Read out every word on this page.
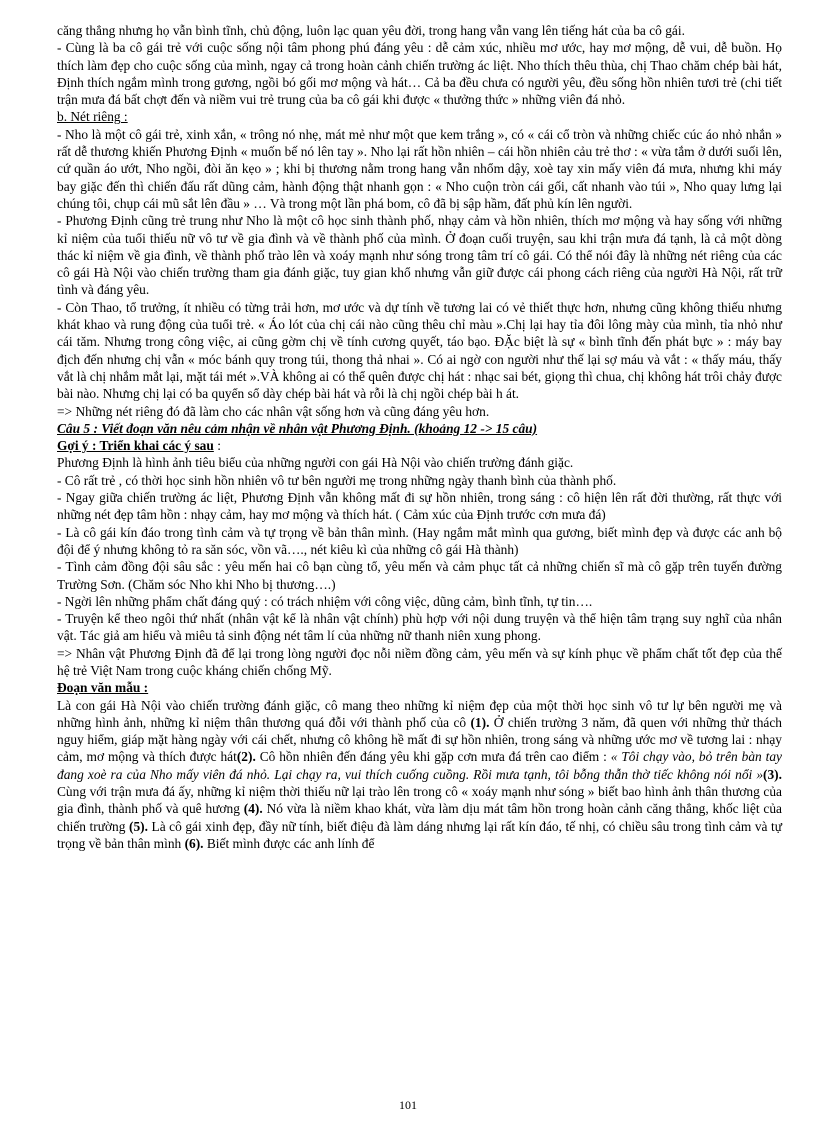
căng thẳng nhưng họ vẫn bình tĩnh, chủ động, luôn lạc quan yêu đời, trong hang vẫn vang lên tiếng hát của ba cô gái.

- Cùng là ba cô gái trẻ với cuộc sống nội tâm phong phú đáng yêu : dễ cảm xúc, nhiều mơ ước, hay mơ mộng, dễ vui, dễ buồn. Họ thích làm đẹp cho cuộc sống của mình, ngay cả trong hoàn cảnh chiến trường ác liệt. Nho thích thêu thùa, chị Thao chăm chép bài hát, Định thích ngắm mình trong gương, ngồi bó gối mơ mộng và hát… Cả ba đều chưa có người yêu, đều sống hồn nhiên tươi trẻ (chi tiết trận mưa đá bất chợt đến và niềm vui trẻ trung của ba cô gái khi được « thưởng thức » những viên đá nhỏ.

b. Nét riêng :

- Nho là một cô gái trẻ, xinh xắn, « trông nó nhẹ, mát mẻ như một que kem trắng », có « cái cổ tròn và những chiếc cúc áo nhỏ nhắn » rất dễ thương khiến Phương Định « muốn bế nó lên tay ». Nho lại rất hồn nhiên – cái hồn nhiên cảu trẻ thơ : « vừa tắm ở dưới suối lên, cứ quần áo ướt, Nho ngồi, đòi ăn kẹo » ; khi bị thương nằm trong hang vẫn nhổm dậy, xoè tay xin mấy viên đá mưa, nhưng khi máy bay giặc đến thì chiến đấu rất dũng cảm, hành động thật nhanh gọn : « Nho cuộn tròn cái gối, cất nhanh vào túi », Nho quay lưng lại chúng tôi, chụp cái mũ sắt lên đầu » … Và trong một lần phá bom, cô đã bị sập hầm, đất phủ kín lên người.

- Phương Định cũng trẻ trung như Nho là một cô học sinh thành phố, nhạy cảm và hồn nhiên, thích mơ mộng và hay sống với những kỉ niệm của tuổi thiếu nữ vô tư về gia đình và về thành phố của mình. Ở đoạn cuối truyện, sau khi trận mưa đá tạnh, là cả một dòng thác kỉ niệm về gia đình, về thành phố trào lên và xoáy mạnh như sóng trong tâm trí cô gái. Có thể nói đây là những nét riêng của các cô gái Hà Nội vào chiến trường tham gia đánh giặc, tuy gian khổ nhưng vẫn giữ được cái phong cách riêng của người Hà Nội, rất trữ tình và đáng yêu.

- Còn Thao, tổ trưởng, ít nhiều có từng trải hơn, mơ ước và dự tính về tương lai có vẻ thiết thực hơn, nhưng cũng không thiếu nhưng khát khao và rung động của tuổi trẻ. « Áo lót của chị cái nào cũng thêu chỉ màu ».Chị lại hay tỉa đôi lông mày của mình, tỉa nhỏ như cái tăm. Nhưng trong công việc, ai cũng gờm chị về tính cương quyết, táo bạo. ĐẶc biệt là sự « bình tĩnh đến phát bực » : máy bay địch đến nhưng chị vẫn « móc bánh quy trong túi, thong thả nhai ». Có ai ngờ con người như thế lại sợ máu và vắt : « thấy máu, thấy vắt là chị nhắm mắt lại, mặt tái mét ».VÀ không ai có thể quên được chị hát : nhạc sai bét, giọng thì chua, chị không hát trôi chảy được bài nào. Nhưng chị lại có ba quyển sổ dày chép bài hát và rỗi là chị ngồi chép bài h át.

=> Những nét riêng đó đã làm cho các nhân vật sống hơn và cũng đáng yêu hơn.

Câu 5 : Viết đoạn văn nêu cảm nhận về nhân vật Phương Định. (khoảng 12 -> 15 câu)

Gợi ý : Triển khai các ý sau :

Phương Định là hình ảnh tiêu biểu của những người con gái Hà Nội vào chiến trường đánh giặc.

- Cô rất trẻ , có thời học sinh hồn nhiên vô tư bên người mẹ trong những ngày thanh bình của thành phố.

- Ngay giữa chiến trường ác liệt, Phương Định vẫn không mất đi sự hồn nhiên, trong sáng : cô hiện lên rất đời thường, rất thực với những nét đẹp tâm hồn : nhạy cảm, hay mơ mộng và thích hát. ( Cảm xúc của Định trước cơn mưa đá)

- Là cô gái kín đáo trong tình cảm và tự trọng về bản thân mình. (Hay ngắm mắt mình qua gương, biết mình đẹp và được các anh bộ đội để ý nhưng không tỏ ra săn sóc, vồn vã…., nét kiêu kì của những cô gái Hà thành)

- Tình cảm đồng đội sâu sắc : yêu mến hai cô bạn cùng tổ, yêu mến và cảm phục tất cả những chiến sĩ mà cô gặp trên tuyến đường Trường Sơn. (Chăm sóc Nho khi Nho bị thương….)

- Ngời lên những phẩm chất đáng quý : có trách nhiệm với công việc, dũng cảm, bình tĩnh, tự tin….

- Truyện kể theo ngôi thứ nhất (nhân vật kể là nhân vật chính) phù hợp với nội dung truyện và thể hiện tâm trạng suy nghĩ của nhân vật. Tác giả am hiểu và miêu tả sinh động nét tâm lí của những nữ thanh niên xung phong.

=> Nhân vật Phương Định đã để lại trong lòng người đọc nỗi niềm đồng cảm, yêu mến và sự kính phục về phẩm chất tốt đẹp của thế hệ trẻ Việt Nam trong cuộc kháng chiến chống Mỹ.

Đoạn văn mẫu :

Là con gái Hà Nội vào chiến trường đánh giặc, cô mang theo những kỉ niệm đẹp của một thời học sinh vô tư lự bên người mẹ và những hình ảnh, những kỉ niệm thân thương quá đỗi với thành phố của cô (1). Ở chiến trường 3 năm, đã quen với những thử thách nguy hiểm, giáp mặt hàng ngày với cái chết, nhưng cô không hề mất đi sự hồn nhiên, trong sáng và những ước mơ về tương lai : nhạy cảm, mơ mộng và thích được hát(2). Cô hồn nhiên đến đáng yêu khi gặp cơn mưa đá trên cao điểm : « Tôi chạy vào, bỏ trên bàn tay đang xoè ra của Nho mấy viên đá nhỏ. Lại chạy ra, vui thích cuống cuồng. Rồi mưa tạnh, tôi bỗng thẫn thờ tiếc không nói nổi »(3). Cùng với trận mưa đá ấy, những kỉ niệm thời thiếu nữ lại trào lên trong cô « xoáy mạnh như sóng » biết bao hình ảnh thân thương của gia đình, thành phố và quê hương (4). Nó vừa là niềm khao khát, vừa làm dịu mát tâm hồn trong hoàn cảnh căng thẳng, khốc liệt của chiến trường (5). Là cô gái xinh đẹp, đầy nữ tính, biết điệu đà làm dáng nhưng lại rất kín đáo, tế nhị, có chiều sâu trong tình cảm và tự trọng về bản thân mình (6). Biết mình được các anh lính để

101
